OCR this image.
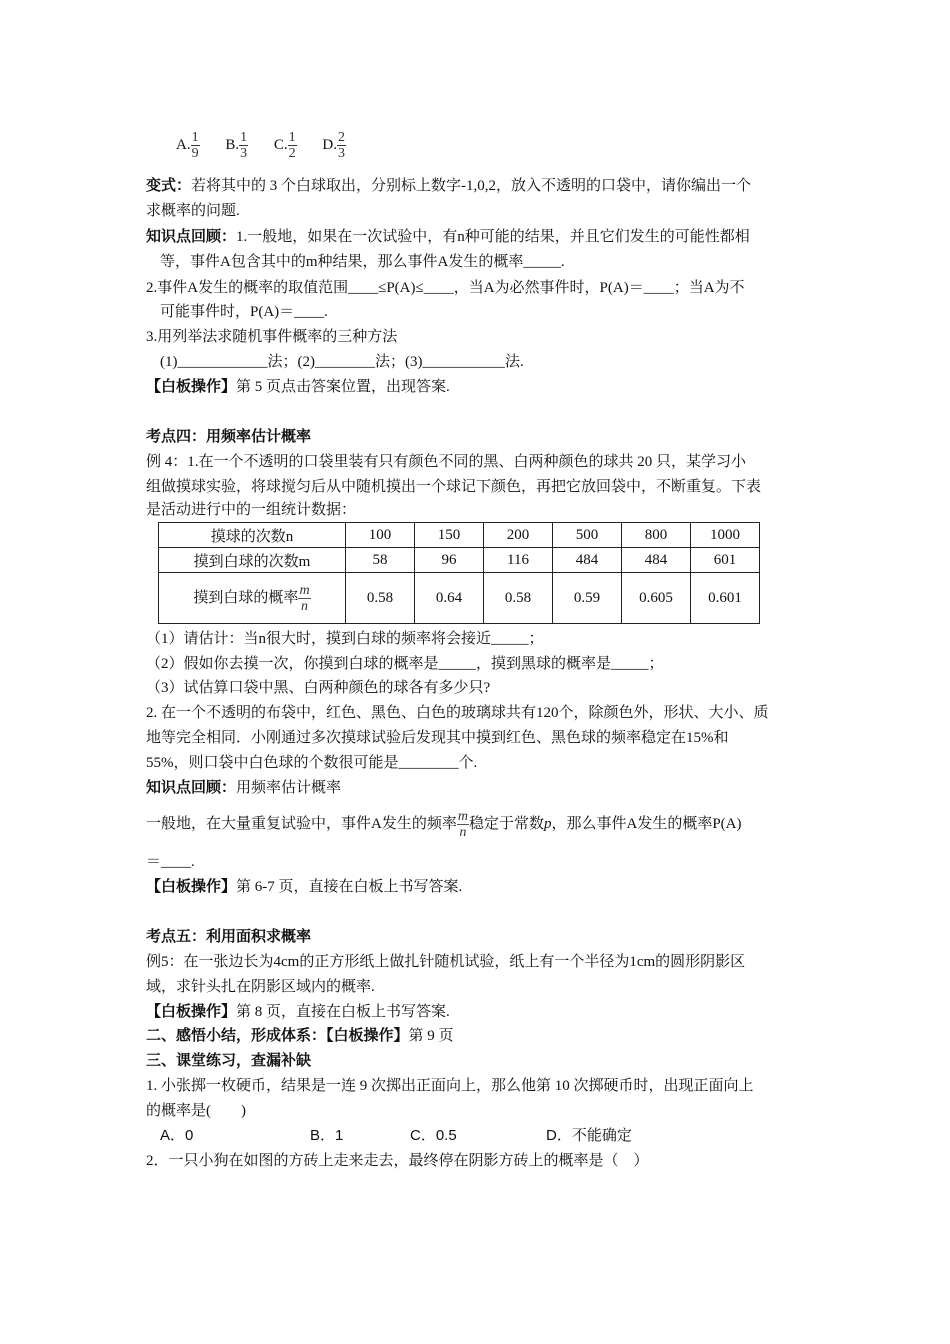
A. $\frac{1}{9} B$. $\frac{1}{3} C$. $\frac{1}{2} D$. $\frac{2}{3}$
变式：若将其中的 3 个白球取出，分别标上数字-1,0,2，放入不透明的口袋中，请你编出一个
求概率的问题.
知识点回顾：1.一般地，如果在一次试验中，有n种可能的结果，并且它们发生的可能性都相
等，事件A包含其中的m种结果，那么事件A发生的概率_____.
2.事件A发生的概率的取值范围____≤P(A)≤____，当A为必然事件时，P(A)＝____；当A为不
可能事件时，P(A)＝____.
3.用列举法求随机事件概率的三种方法
(1)____________法；(2)________法；(3)___________法.
【白板操作】第 5 页点击答案位置，出现答案.
考点四：用频率估计概率
例 4：1.在一个不透明的口袋里装有只有颜色不同的黑、白两种颜色的球共 20 只，某学习小
组做摸球实验，将球搅匀后从中随机摸出一个球记下颜色，再把它放回袋中，不断重复。下表
是活动进行中的一组统计数据：
摸球的次数n	100	150	200	500	800	1000
摸到白球的次数m	58	96	116	484	484	601
摸到白球的概率 $\frac{m}{n}$	0.58	0.64	0.58	0.59	0.605	0.601
（1）请估计：当n很大时，摸到白球的频率将会接近_____；
（2）假如你去摸一次，你摸到白球的概率是_____，摸到黑球的概率是_____；
（3）试估算口袋中黑、白两种颜色的球各有多少只?
2. 在一个不透明的布袋中，红色、黑色、白色的玻璃球共有120个，除颜色外，形状、大小、质
地等完全相同．小刚通过多次摸球试验后发现其中摸到红色、黑色球的频率稳定在15%和
55%，则口袋中白色球的个数很可能是________个.
知识点回顾：用频率估计概率
一般地，在大量重复试验中，事件A发生的频率 $\frac{m}{n}$ 稳定于常数p，那么事件A发生的概率P(A)
＝____.
【白板操作】第 6-7 页，直接在白板上书写答案.
考点五：利用面积求概率
例5：在一张边长为4cm的正方形纸上做扎针随机试验，纸上有一个半径为1cm的圆形阴影区
域，求针头扎在阴影区域内的概率.
【白板操作】第 8 页，直接在白板上书写答案.
二、感悟小结，形成体系：【白板操作】第 9 页
三、课堂练习，查漏补缺
1. 小张掷一枚硬币，结果是一连 9 次掷出正面向上，那么他第 10 次掷硬币时，出现正面向上
的概率是(　　)
A．0	B．1	C．0.5	D．不能确定
2．一只小狗在如图的方砖上走来走去，最终停在阴影方砖上的概率是（　）
